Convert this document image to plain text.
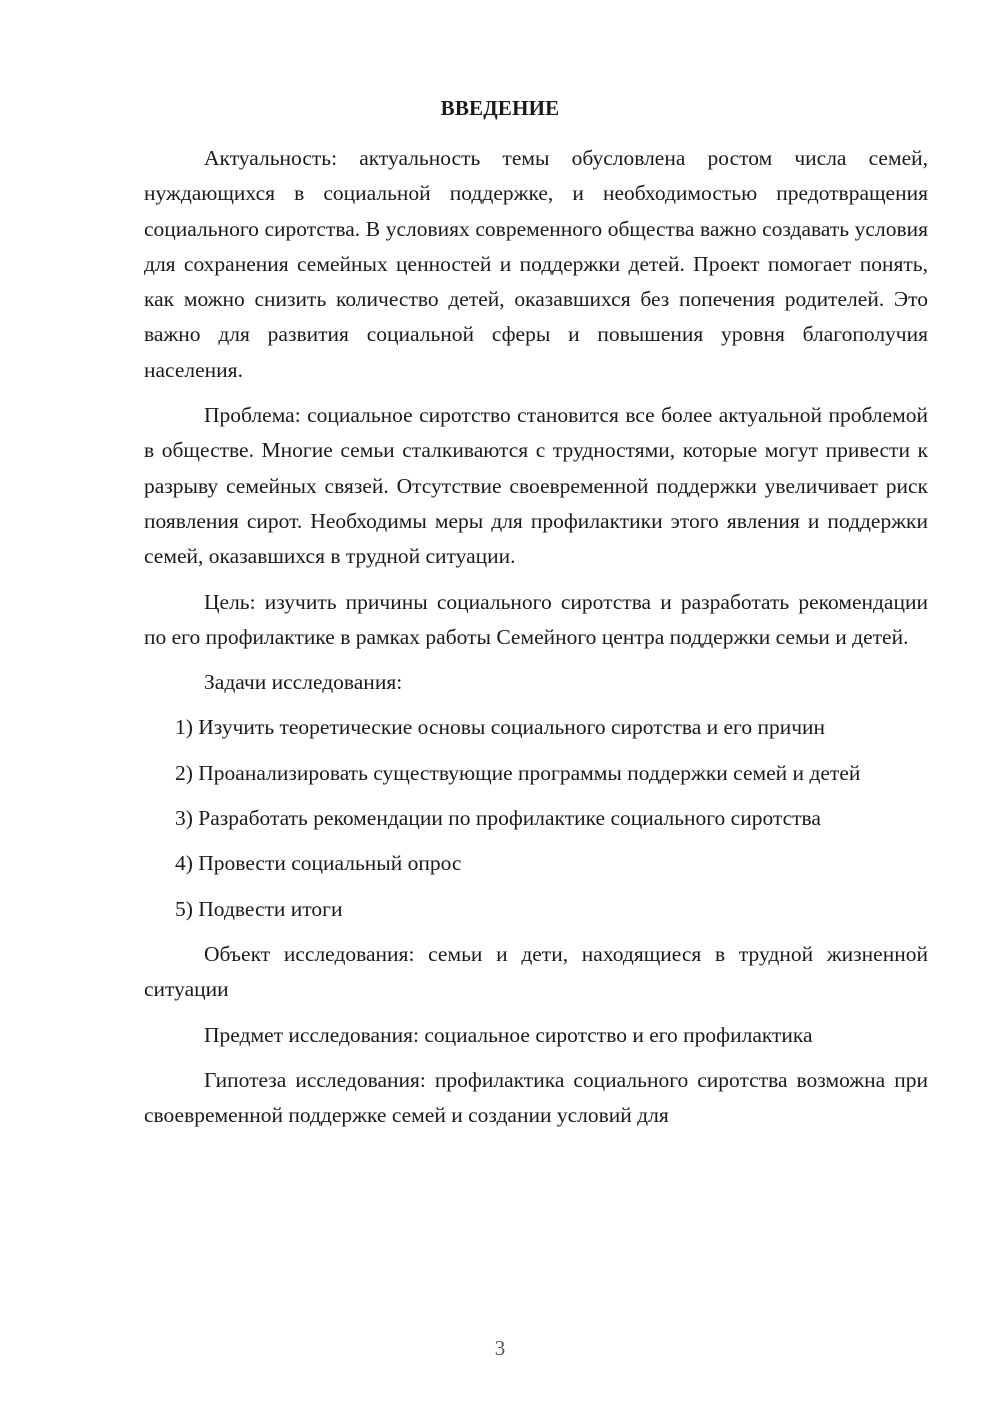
ВВЕДЕНИЕ

Актуальность: актуальность темы обусловлена ростом числа семей, нуждающихся в социальной поддержке, и необходимостью предотвращения социального сиротства. В условиях современного общества важно создавать условия для сохранения семейных ценностей и поддержки детей. Проект помогает понять, как можно снизить количество детей, оказавшихся без попечения родителей. Это важно для развития социальной сферы и повышения уровня благополучия населения.

Проблема: социальное сиротство становится все более актуальной проблемой в обществе. Многие семьи сталкиваются с трудностями, которые могут привести к разрыву семейных связей. Отсутствие своевременной поддержки увеличивает риск появления сирот. Необходимы меры для профилактики этого явления и поддержки семей, оказавшихся в трудной ситуации.

Цель: изучить причины социального сиротства и разработать рекомендации по его профилактике в рамках работы Семейного центра поддержки семьи и детей.

Задачи исследования:

1) Изучить теоретические основы социального сиротства и его причин

2) Проанализировать существующие программы поддержки семей и детей

3) Разработать рекомендации по профилактике социального сиротства

4) Провести социальный опрос

5) Подвести итоги

Объект исследования: семьи и дети, находящиеся в трудной жизненной ситуации

Предмет исследования: социальное сиротство и его профилактика

Гипотеза исследования: профилактика социального сиротства возможна при своевременной поддержке семей и создании условий для

3
